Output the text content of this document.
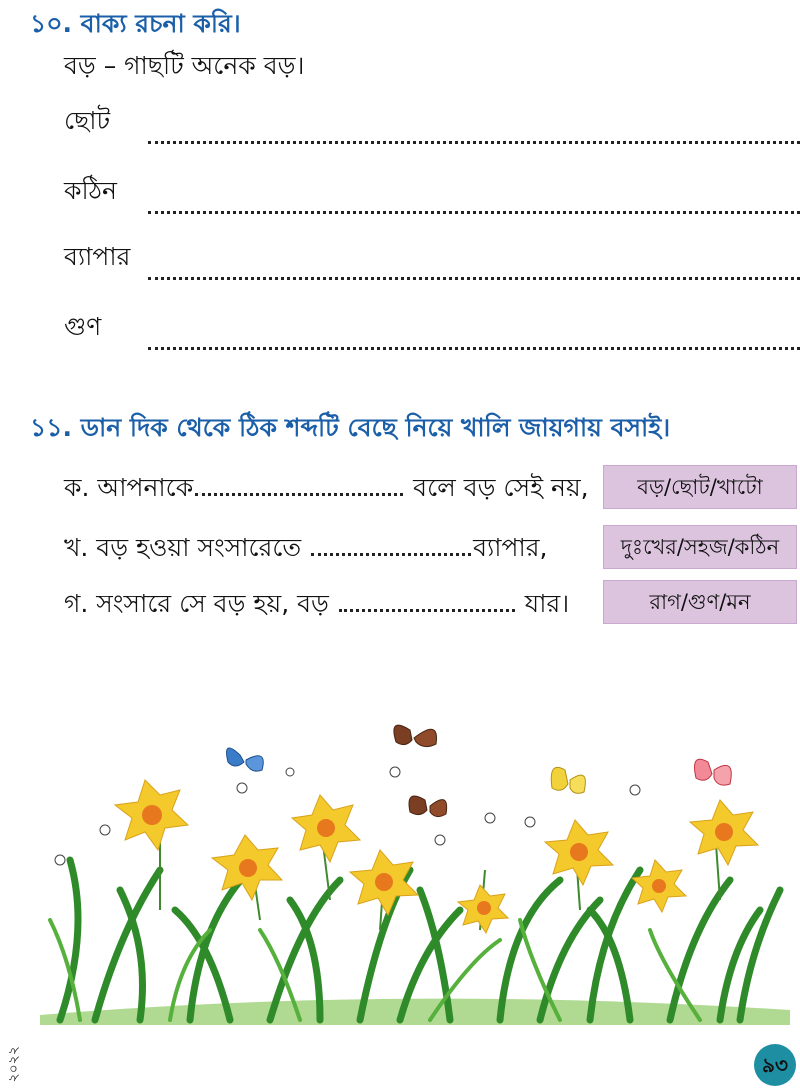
১০. বাক্য রচনা করি।
বড় – গাছটি অনেক বড়।
ছোট
কঠিন
ব্যাপার
গুণ
১১. ডান দিক থেকে ঠিক শব্দটি বেছে নিয়ে খালি জায়গায় বসাই।
ক. আপনাকে	বলে বড় সেই নয়,	বড়/ছোট/খাটো
খ. বড় হওয়া সংসারেতে	ব্যাপার,	দুঃখের/সহজ/কঠিন
গ. সংসারে সে বড় হয়, বড়	যার।	রাগ/গুণ/মন
২০২২	৯৩
